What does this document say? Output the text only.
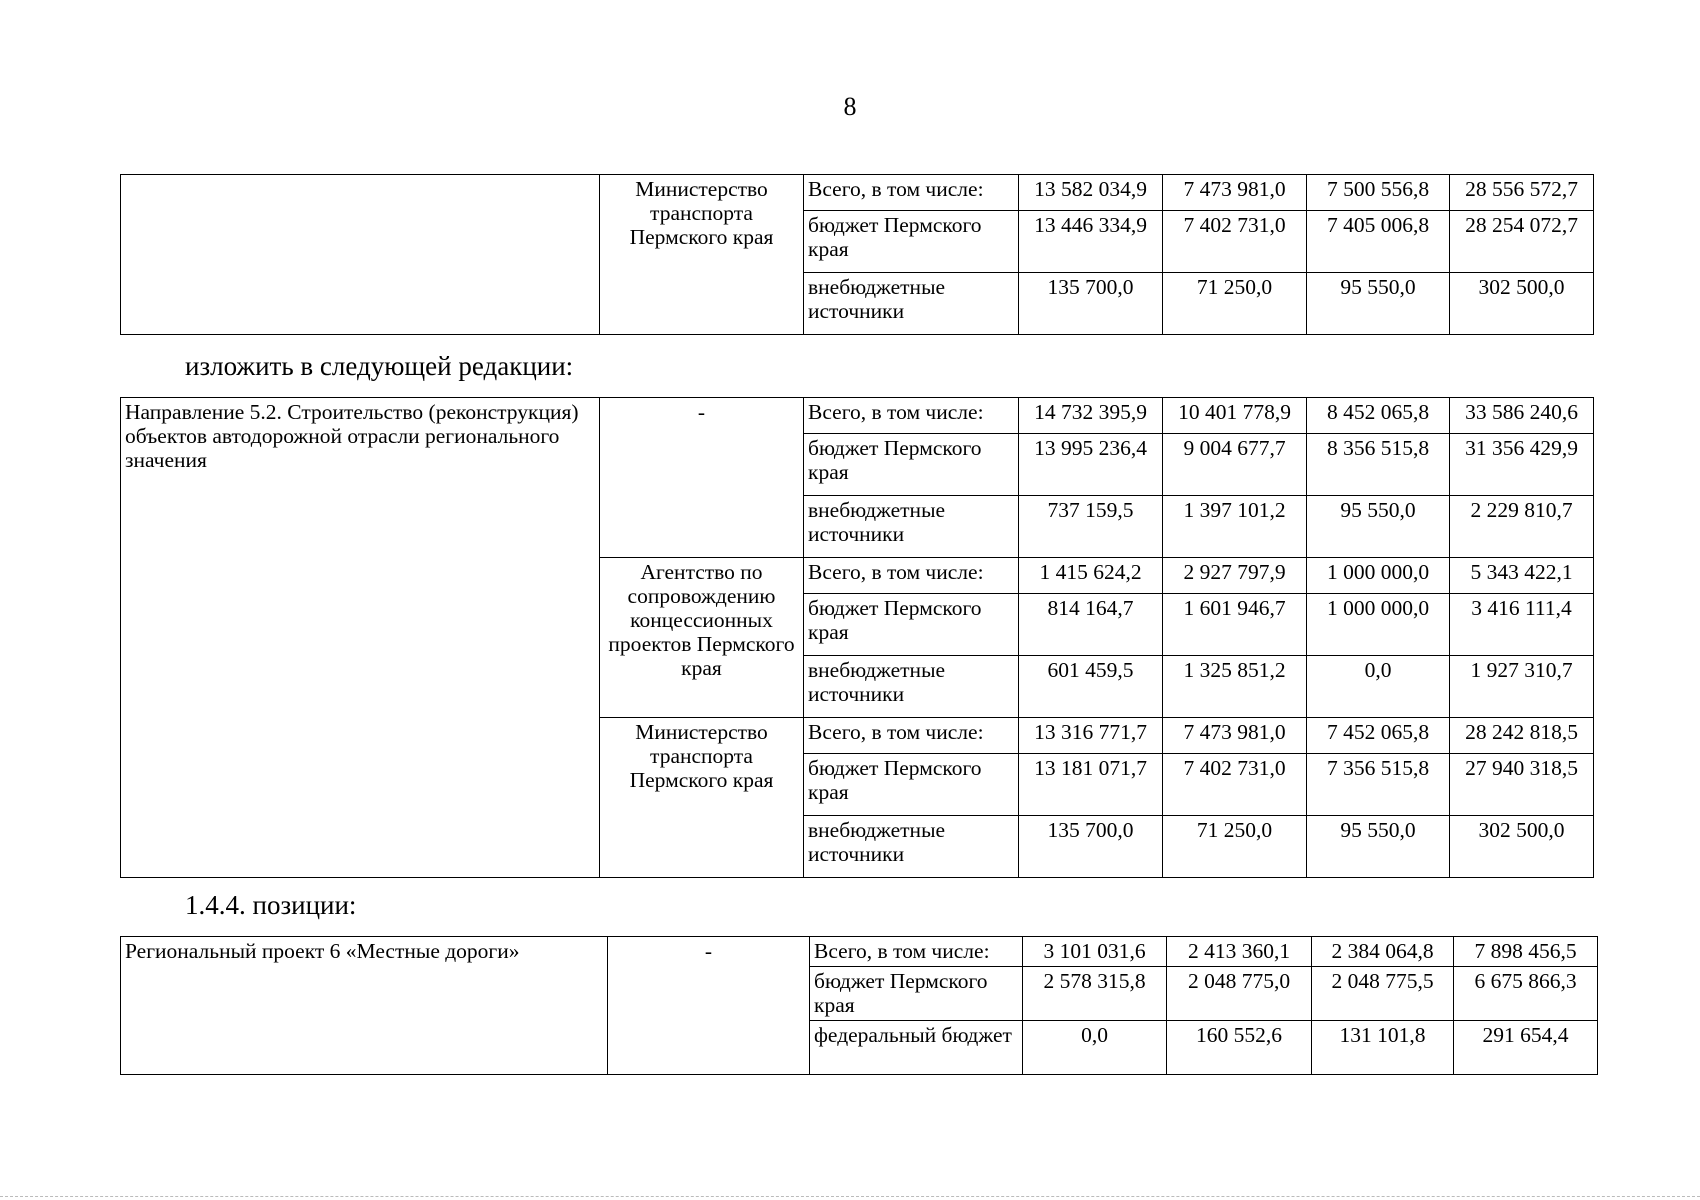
8
	Министерство транспорта Пермского края	Всего, в том числе:	13 582 034,9	7 473 981,0	7 500 556,8	28 556 572,7
		бюджет Пермского края	13 446 334,9	7 402 731,0	7 405 006,8	28 254 072,7
		внебюджетные источники	135 700,0	71 250,0	95 550,0	302 500,0
изложить в следующей редакции:
Направление 5.2. Строительство (реконструкция) объектов автодорожной отрасли регионального значения	-	Всего, в том числе:	14 732 395,9	10 401 778,9	8 452 065,8	33 586 240,6
		бюджет Пермского края	13 995 236,4	9 004 677,7	8 356 515,8	31 356 429,9
		внебюджетные источники	737 159,5	1 397 101,2	95 550,0	2 229 810,7
	Агентство по сопровождению концессионных проектов Пермского края	Всего, в том числе:	1 415 624,2	2 927 797,9	1 000 000,0	5 343 422,1
		бюджет Пермского края	814 164,7	1 601 946,7	1 000 000,0	3 416 111,4
		внебюджетные источники	601 459,5	1 325 851,2	0,0	1 927 310,7
	Министерство транспорта Пермского края	Всего, в том числе:	13 316 771,7	7 473 981,0	7 452 065,8	28 242 818,5
		бюджет Пермского края	13 181 071,7	7 402 731,0	7 356 515,8	27 940 318,5
		внебюджетные источники	135 700,0	71 250,0	95 550,0	302 500,0
1.4.4. позиции:
Региональный проект 6 «Местные дороги»	-	Всего, в том числе:	3 101 031,6	2 413 360,1	2 384 064,8	7 898 456,5
		бюджет Пермского края	2 578 315,8	2 048 775,0	2 048 775,5	6 675 866,3
		федеральный бюджет	0,0	160 552,6	131 101,8	291 654,4
